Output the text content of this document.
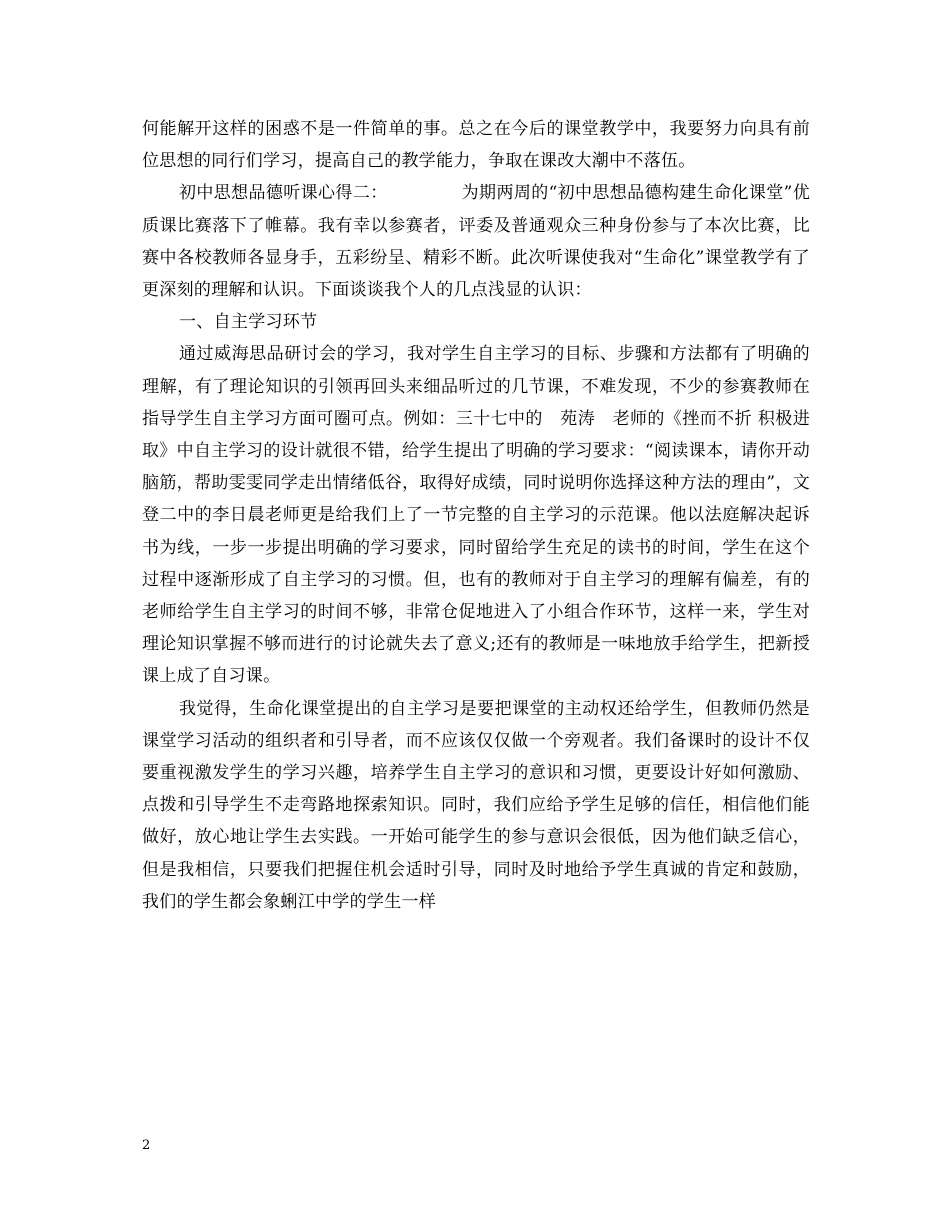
何能解开这样的困惑不是一件简单的事。总之在今后的课堂教学中，我要努力向具有前位思想的同行们学习，提高自己的教学能力，争取在课改大潮中不落伍。

初中思想品德听课心得二：	为期两周的“初中思想品德构建生命化课堂”优质课比赛落下了帷幕。我有幸以参赛者，评委及普通观众三种身份参与了本次比赛，比赛中各校教师各显身手，五彩纷呈、精彩不断。此次听课使我对“生命化”课堂教学有了更深刻的理解和认识。下面谈谈我个人的几点浅显的认识：

一、自主学习环节

通过威海思品研讨会的学习，我对学生自主学习的目标、步骤和方法都有了明确的理解，有了理论知识的引领再回头来细品听过的几节课，不难发现，不少的参赛教师在指导学生自主学习方面可圈可点。例如：三十七中的　苑涛　老师的《挫而不折 积极进取》中自主学习的设计就很不错，给学生提出了明确的学习要求：“阅读课本，请你开动脑筋，帮助雯雯同学走出情绪低谷，取得好成绩，同时说明你选择这种方法的理由”，文登二中的李日晨老师更是给我们上了一节完整的自主学习的示范课。他以法庭解决起诉书为线，一步一步提出明确的学习要求，同时留给学生充足的读书的时间，学生在这个过程中逐渐形成了自主学习的习惯。但，也有的教师对于自主学习的理解有偏差，有的老师给学生自主学习的时间不够，非常仓促地进入了小组合作环节，这样一来，学生对理论知识掌握不够而进行的讨论就失去了意义;还有的教师是一味地放手给学生，把新授课上成了自习课。

我觉得，生命化课堂提出的自主学习是要把课堂的主动权还给学生，但教师仍然是课堂学习活动的组织者和引导者，而不应该仅仅做一个旁观者。我们备课时的设计不仅要重视激发学生的学习兴趣，培养学生自主学习的意识和习惯，更要设计好如何激励、点拨和引导学生不走弯路地探索知识。同时，我们应给予学生足够的信任，相信他们能做好，放心地让学生去实践。一开始可能学生的参与意识会很低，因为他们缺乏信心，但是我相信，只要我们把握住机会适时引导，同时及时地给予学生真诚的肯定和鼓励，我们的学生都会象蜊江中学的学生一样

2
